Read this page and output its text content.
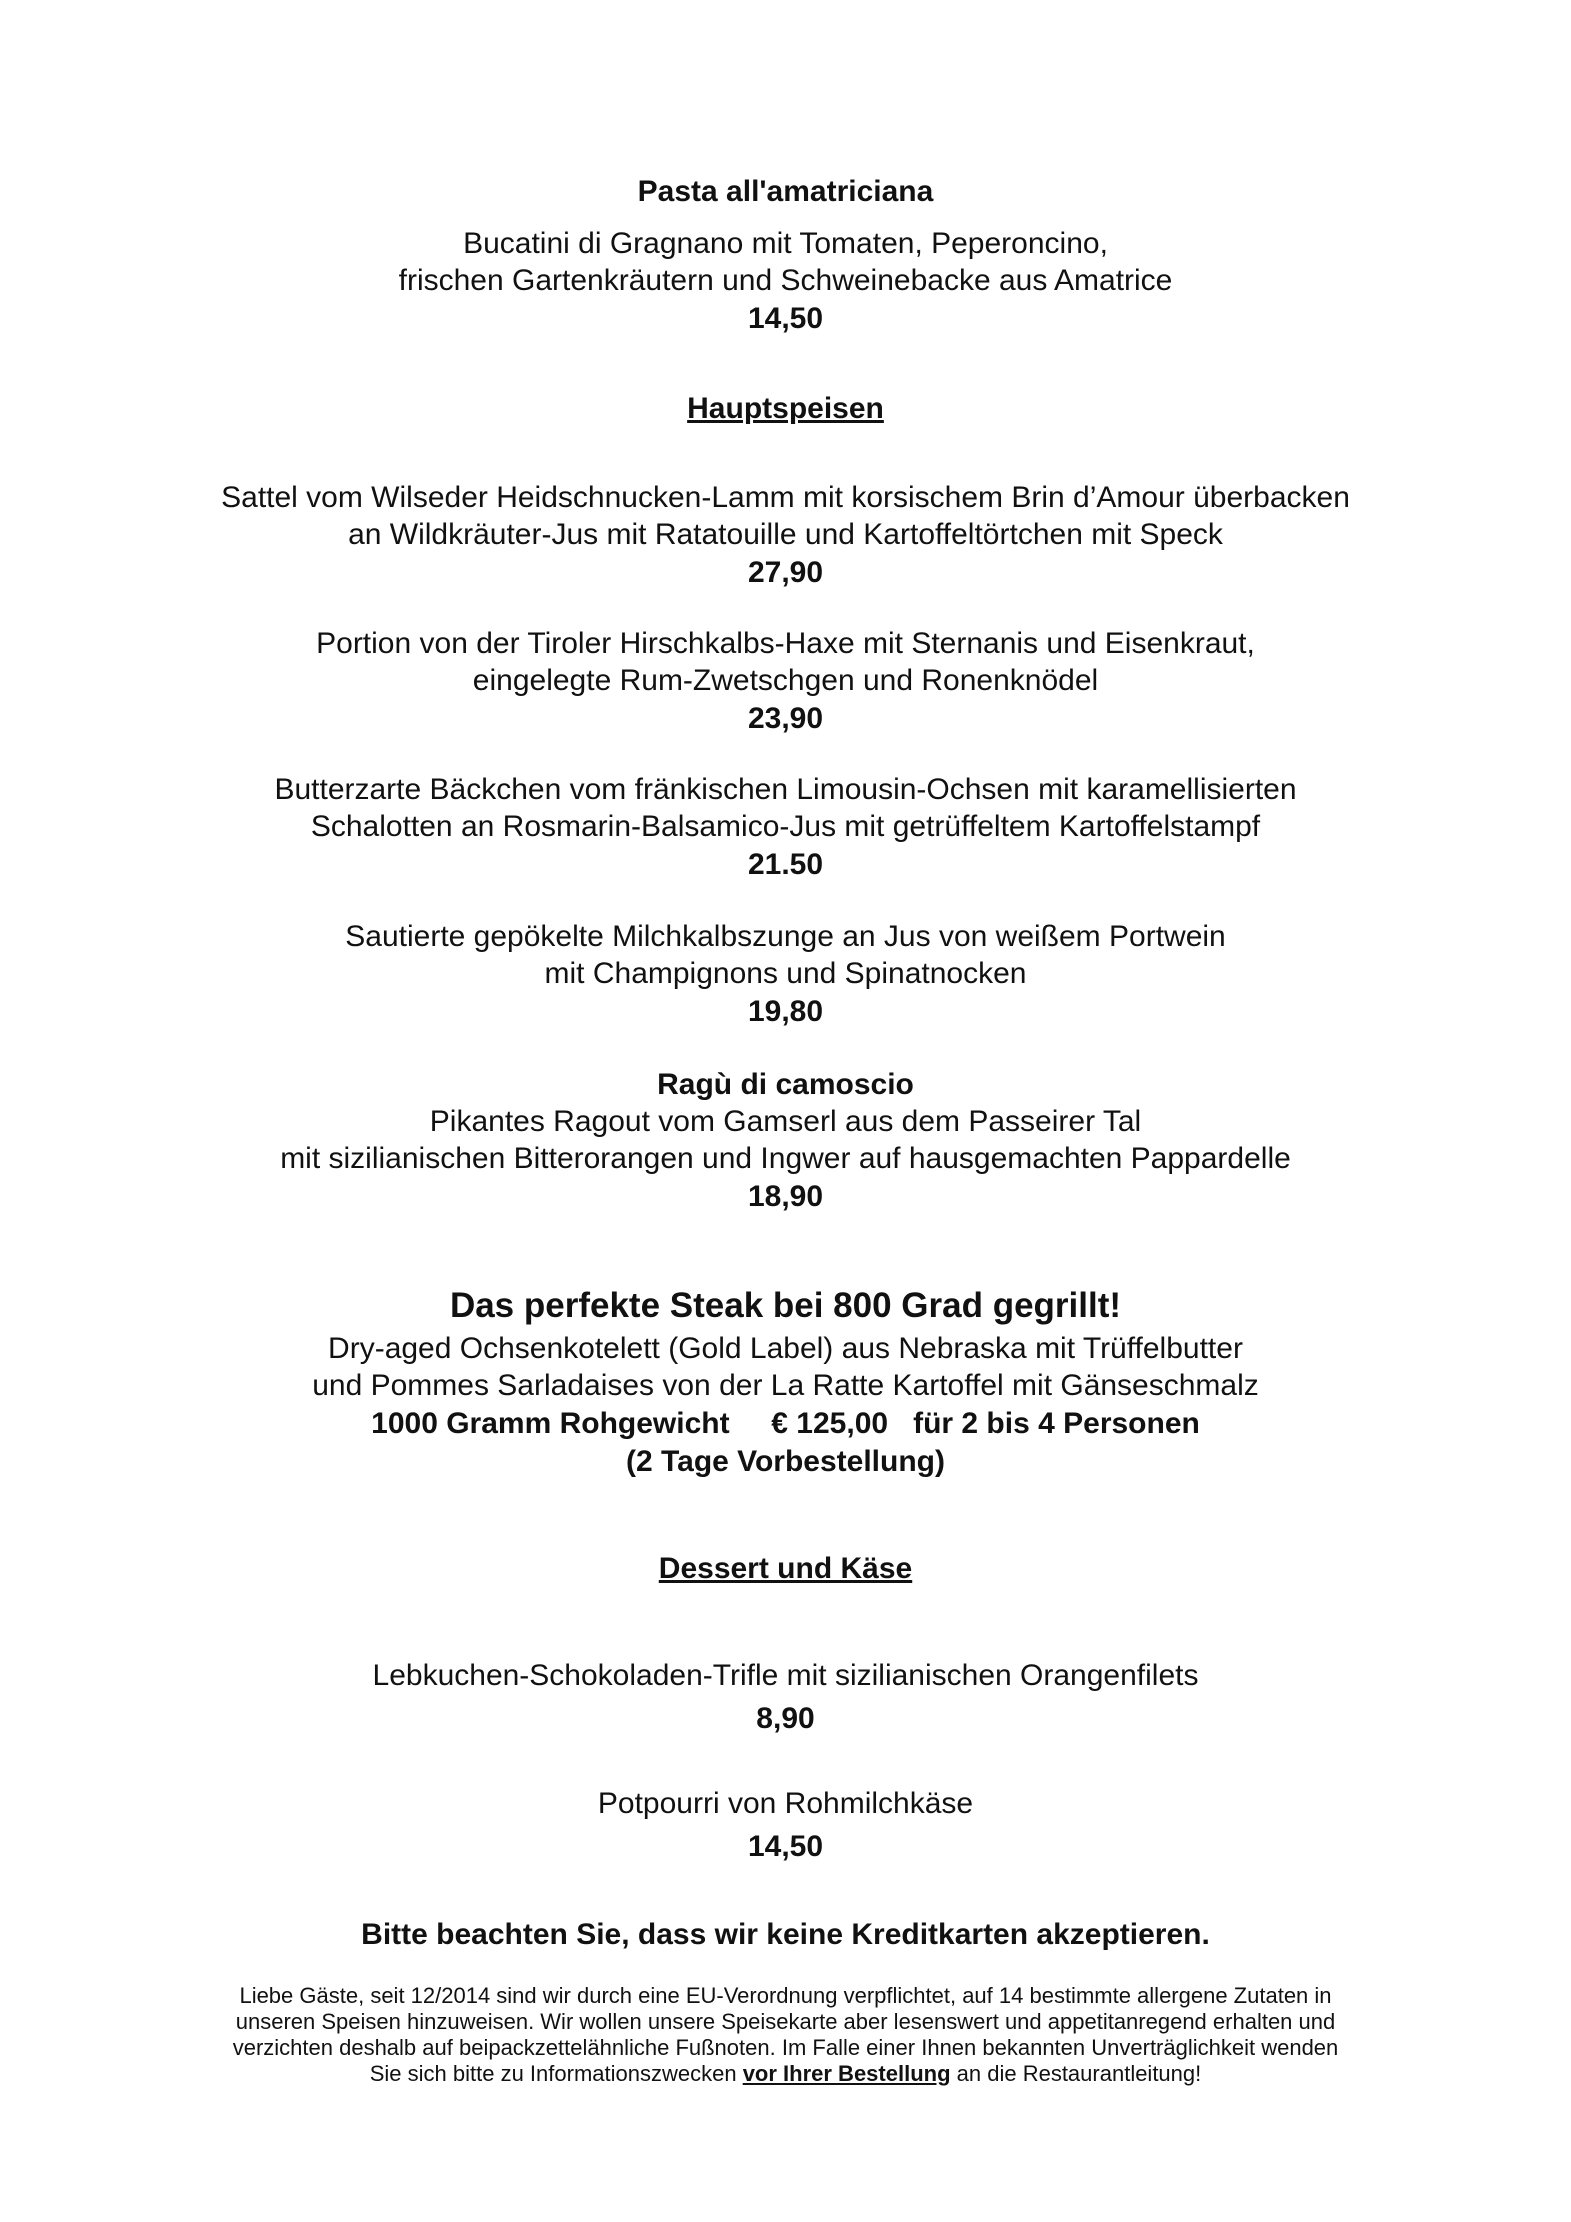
Pasta all'amatriciana

Bucatini di Gragnano mit Tomaten, Peperoncino,

frischen Gartenkräutern und Schweinebacke aus Amatrice

14,50

Hauptspeisen

Sattel vom Wilseder Heidschnucken-Lamm mit korsischem Brin d’Amour überbacken

an Wildkräuter-Jus mit Ratatouille und Kartoffeltörtchen mit Speck

27,90

Portion von der Tiroler Hirschkalbs-Haxe mit Sternanis und Eisenkraut,

eingelegte Rum-Zwetschgen und Ronenknödel

23,90

Butterzarte Bäckchen vom fränkischen Limousin-Ochsen mit karamellisierten

Schalotten an Rosmarin-Balsamico-Jus mit getrüffeltem Kartoffelstampf

21.50

Sautierte gepökelte Milchkalbszunge an Jus von weißem Portwein

mit Champignons und Spinatnocken

19,80

Ragù di camoscio

Pikantes Ragout vom Gamserl aus dem Passeirer Tal

mit sizilianischen Bitterorangen und Ingwer auf hausgemachten Pappardelle

18,90

Das perfekte Steak bei 800 Grad gegrillt!

Dry-aged Ochsenkotelett (Gold Label) aus Nebraska mit Trüffelbutter

und Pommes Sarladaises von der La Ratte Kartoffel mit Gänseschmalz

1000 Gramm Rohgewicht € 125,00 für 2 bis 4 Personen

(2 Tage Vorbestellung)

Dessert und Käse

Lebkuchen-Schokoladen-Trifle mit sizilianischen Orangenfilets

8,90

Potpourri von Rohmilchkäse

14,50

Bitte beachten Sie, dass wir keine Kreditkarten akzeptieren.

Liebe Gäste, seit 12/2014 sind wir durch eine EU-Verordnung verpflichtet, auf 14 bestimmte allergene Zutaten in

unseren Speisen hinzuweisen. Wir wollen unsere Speisekarte aber lesenswert und appetitanregend erhalten und

verzichten deshalb auf beipackzettelähnliche Fußnoten. Im Falle einer Ihnen bekannten Unverträglichkeit wenden

Sie sich bitte zu Informationszwecken vor Ihrer Bestellung an die Restaurantleitung!
